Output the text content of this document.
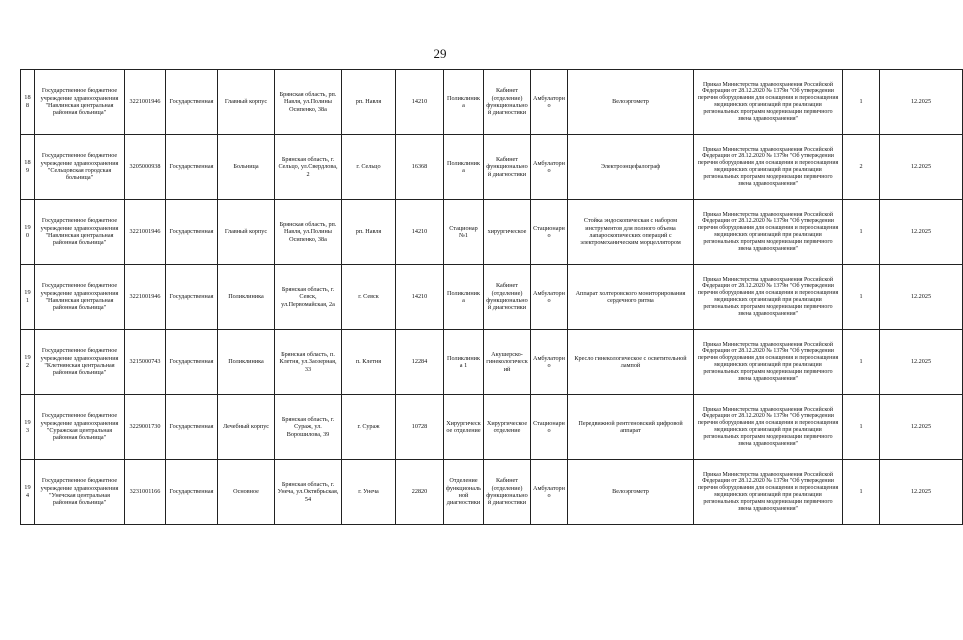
29
188	Государственное бюджетное учреждение здравоохранения "Навлинская центральная районная больница"	3221001946	Государственная	Главный корпус	Брянская область, рп. Навля, ул.Полины Осипенко, 38а	рп. Навля	14210	Поликлиника	Кабинет (отделение) функционально й диагностики	Амбулаторно	Велоэргометр	Приказ Министерства здравоохранения Российской Федерации от 28.12.2020 № 1379н "Об утверждении перечня оборудования для оснащения и переоснащения медицинских организаций при реализации региональных программ модернизации первичного звена здравоохранения"	1	12.2025
189	Государственное бюджетное учреждение здравоохранения "Сельцовская городская больница"	3205000938	Государственная	Больница	Брянская область, г. Сельцо, ул.Свердлова, 2	г. Сельцо	16368	Поликлиника	Кабинет функционально й диагностики	Амбулаторно	Электроэнцефалограф	Приказ Министерства здравоохранения Российской Федерации от 28.12.2020 № 1379н "Об утверждении перечня оборудования для оснащения и переоснащения медицинских организаций при реализации региональных программ модернизации первичного звена здравоохранения"	2	12.2025
190	Государственное бюджетное учреждение здравоохранения "Навлинская центральная районная больница"	3221001946	Государственная	Главный корпус	Брянская область, рп. Навля, ул.Полины Осипенко, 38а	рп. Навля	14210	Стационар №1	хирургическое	Стационарно	Стойка эндоскопическая с набором инструментов для полного объема лапароскопических операций с электромеханическим морцеллятором	Приказ Министерства здравоохранения Российской Федерации от 28.12.2020 № 1379н "Об утверждении перечня оборудования для оснащения и переоснащения медицинских организаций при реализации региональных программ модернизации первичного звена здравоохранения"	1	12.2025
191	Государственное бюджетное учреждение здравоохранения "Навлинская центральная районная больница"	3221001946	Государственная	Поликлиника	Брянская область, г. Севск, ул.Первомайская, 2а	г. Севск	14210	Поликлиника	Кабинет (отделение) функционально й диагностики	Амбулаторно	Аппарат холтеровского мониторирования сердечного ритма	Приказ Министерства здравоохранения Российской Федерации от 28.12.2020 № 1379н "Об утверждении перечня оборудования для оснащения и переоснащения медицинских организаций при реализации региональных программ модернизации первичного звена здравоохранения"	1	12.2025
192	Государственное бюджетное учреждение здравоохранения "Клетнянская центральная районная больница"	3215000743	Государственная	Поликлиника	Брянская область, п. Клетня, ул.Заозерная, 33	п. Клетня	12284	Поликлиника 1	Акушерско-гинекологическ ий	Амбулаторно	Кресло гинекологическое с осветительной лампой	Приказ Министерства здравоохранения Российской Федерации от 28.12.2020 № 1379н "Об утверждении перечня оборудования для оснащения и переоснащения медицинских организаций при реализации региональных программ модернизации первичного звена здравоохранения"	1	12.2025
193	Государственное бюджетное учреждение здравоохранения "Суражская центральная районная больница"	3229001730	Государственная	Лечебный корпус	Брянская область, г. Сураж, ул. Ворошилова, 39	г. Сураж	10728	Хирургическ ое отделение	Хирургическое отделение	Стационарно	Передвижной рентгеновский цифровой аппарат	Приказ Министерства здравоохранения Российской Федерации от 28.12.2020 № 1379н "Об утверждении перечня оборудования для оснащения и переоснащения медицинских организаций при реализации региональных программ модернизации первичного звена здравоохранения"	1	12.2025
194	Государственное бюджетное учреждение здравоохранения "Унечская центральная районная больница"	3231001166	Государственная	Основное	Брянская область, г. Унеча, ул.Октябрьская, 54	г. Унеча	22820	Отделение функциональ ной диагностики	Кабинет (отделение) функционально й диагностики	Амбулаторно	Велоэргометр	Приказ Министерства здравоохранения Российской Федерации от 28.12.2020 № 1379н "Об утверждении перечня оборудования для оснащения и переоснащения медицинских организаций при реализации региональных программ модернизации первичного звена здравоохранения"	1	12.2025
